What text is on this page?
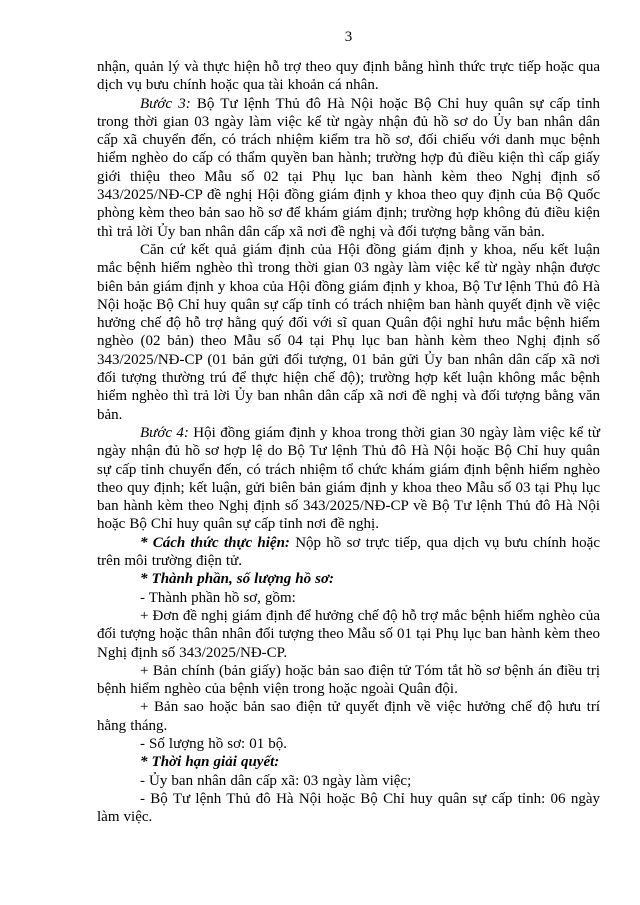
3

nhận, quản lý và thực hiện hỗ trợ theo quy định bằng hình thức trực tiếp hoặc qua dịch vụ bưu chính hoặc qua tài khoản cá nhân.

Bước 3: Bộ Tư lệnh Thủ đô Hà Nội hoặc Bộ Chỉ huy quân sự cấp tỉnh trong thời gian 03 ngày làm việc kể từ ngày nhận đủ hồ sơ do Ủy ban nhân dân cấp xã chuyển đến, có trách nhiệm kiểm tra hồ sơ, đối chiếu với danh mục bệnh hiểm nghèo do cấp có thẩm quyền ban hành; trường hợp đủ điều kiện thì cấp giấy giới thiệu theo Mẫu số 02 tại Phụ lục ban hành kèm theo Nghị định số 343/2025/NĐ-CP đề nghị Hội đồng giám định y khoa theo quy định của Bộ Quốc phòng kèm theo bản sao hồ sơ để khám giám định; trường hợp không đủ điều kiện thì trả lời Ủy ban nhân dân cấp xã nơi đề nghị và đối tượng bằng văn bản.

Căn cứ kết quả giám định của Hội đồng giám định y khoa, nếu kết luận mắc bệnh hiểm nghèo thì trong thời gian 03 ngày làm việc kể từ ngày nhận được biên bản giám định y khoa của Hội đồng giám định y khoa, Bộ Tư lệnh Thủ đô Hà Nội hoặc Bộ Chỉ huy quân sự cấp tỉnh có trách nhiệm ban hành quyết định về việc hưởng chế độ hỗ trợ hằng quý đối với sĩ quan Quân đội nghỉ hưu mắc bệnh hiểm nghèo (02 bản) theo Mẫu số 04 tại Phụ lục ban hành kèm theo Nghị định số 343/2025/NĐ-CP (01 bản gửi đối tượng, 01 bản gửi Ủy ban nhân dân cấp xã nơi đối tượng thường trú để thực hiện chế độ); trường hợp kết luận không mắc bệnh hiểm nghèo thì trả lời Ủy ban nhân dân cấp xã nơi đề nghị và đối tượng bằng văn bản.

Bước 4: Hội đồng giám định y khoa trong thời gian 30 ngày làm việc kể từ ngày nhận đủ hồ sơ hợp lệ do Bộ Tư lệnh Thủ đô Hà Nội hoặc Bộ Chỉ huy quân sự cấp tỉnh chuyển đến, có trách nhiệm tổ chức khám giám định bệnh hiểm nghèo theo quy định; kết luận, gửi biên bản giám định y khoa theo Mẫu số 03 tại Phụ lục ban hành kèm theo Nghị định số 343/2025/NĐ-CP về Bộ Tư lệnh Thủ đô Hà Nội hoặc Bộ Chỉ huy quân sự cấp tỉnh nơi đề nghị.

* Cách thức thực hiện: Nộp hồ sơ trực tiếp, qua dịch vụ bưu chính hoặc trên môi trường điện tử.

* Thành phần, số lượng hồ sơ:

- Thành phần hồ sơ, gồm:

+ Đơn đề nghị giám định để hưởng chế độ hỗ trợ mắc bệnh hiểm nghèo của đối tượng hoặc thân nhân đối tượng theo Mẫu số 01 tại Phụ lục ban hành kèm theo Nghị định số 343/2025/NĐ-CP.

+ Bản chính (bản giấy) hoặc bản sao điện tử Tóm tắt hồ sơ bệnh án điều trị bệnh hiểm nghèo của bệnh viện trong hoặc ngoài Quân đội.

+ Bản sao hoặc bản sao điện tử quyết định về việc hưởng chế độ hưu trí hằng tháng.

- Số lượng hồ sơ: 01 bộ.

* Thời hạn giải quyết:

- Ủy ban nhân dân cấp xã: 03 ngày làm việc;

- Bộ Tư lệnh Thủ đô Hà Nội hoặc Bộ Chỉ huy quân sự cấp tỉnh: 06 ngày làm việc.
